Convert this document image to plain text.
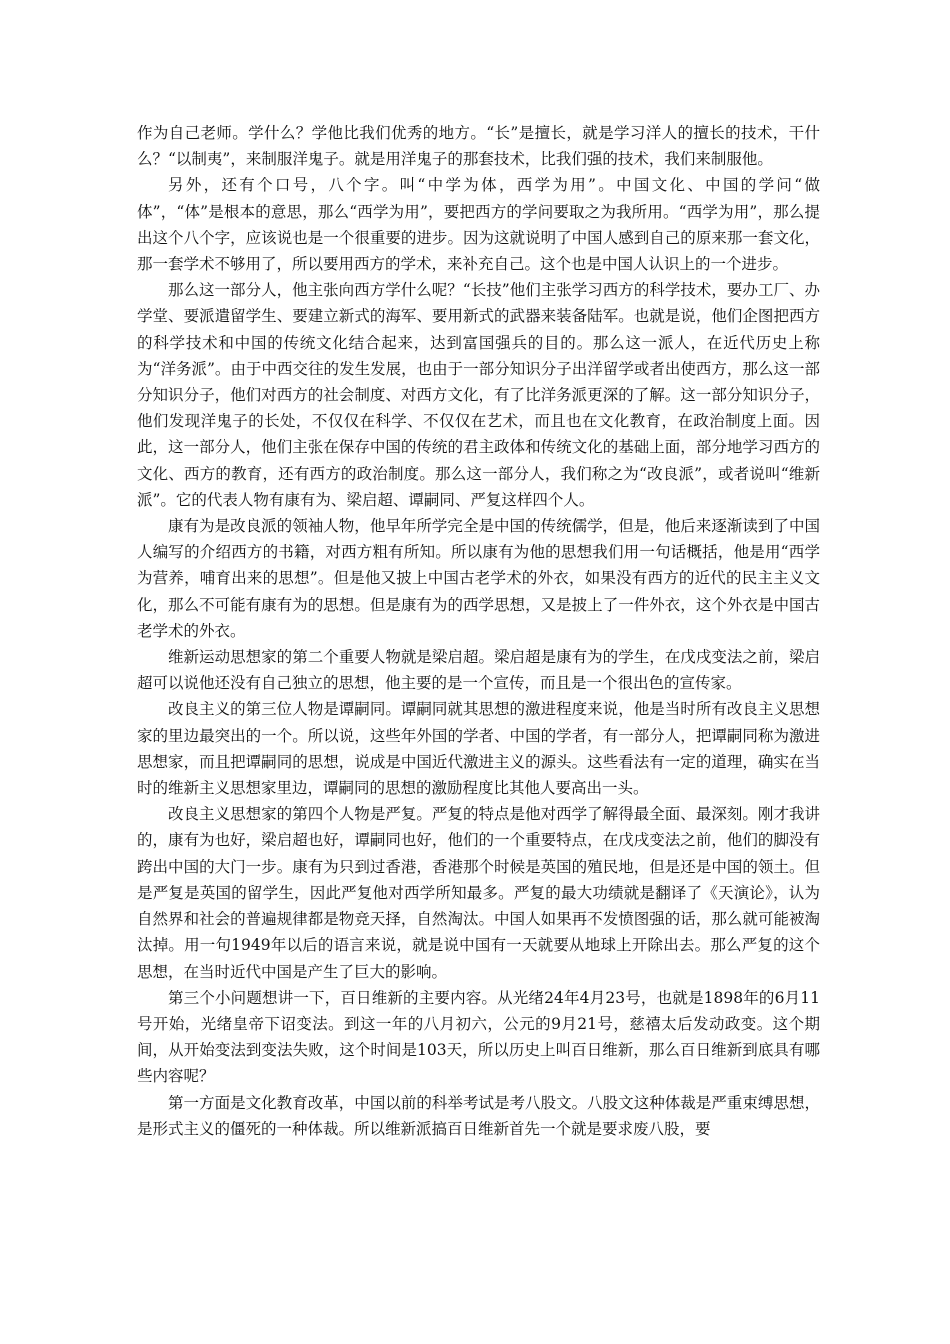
作为自己老师。学什么？学他比我们优秀的地方。“长”是擅长，就是学习洋人的擅长的技术，干什么？“以制夷”，来制服洋鬼子。就是用洋鬼子的那套技术，比我们强的技术，我们来制服他。

另外，还有个口号，八个字。叫“中学为体，西学为用”。中国文化、中国的学问“做体”，“体”是根本的意思，那么“西学为用”，要把西方的学问要取之为我所用。“西学为用”，那么提出这个八个字，应该说也是一个很重要的进步。因为这就说明了中国人感到自己的原来那一套文化，那一套学术不够用了，所以要用西方的学术，来补充自己。这个也是中国人认识上的一个进步。

那么这一部分人，他主张向西方学什么呢？“长技”他们主张学习西方的科学技术，要办工厂、办学堂、要派遣留学生、要建立新式的海军、要用新式的武器来装备陆军。也就是说，他们企图把西方的科学技术和中国的传统文化结合起来，达到富国强兵的目的。那么这一派人，在近代历史上称为“洋务派”。由于中西交往的发生发展，也由于一部分知识分子出洋留学或者出使西方，那么这一部分知识分子，他们对西方的社会制度、对西方文化，有了比洋务派更深的了解。这一部分知识分子，他们发现洋鬼子的长处，不仅仅在科学、不仅仅在艺术，而且也在文化教育，在政治制度上面。因此，这一部分人，他们主张在保存中国的传统的君主政体和传统文化的基础上面，部分地学习西方的文化、西方的教育，还有西方的政治制度。那么这一部分人，我们称之为“改良派”，或者说叫“维新派”。它的代表人物有康有为、梁启超、谭嗣同、严复这样四个人。

康有为是改良派的领袖人物，他早年所学完全是中国的传统儒学，但是，他后来逐渐读到了中国人编写的介绍西方的书籍，对西方粗有所知。所以康有为他的思想我们用一句话概括，他是用“西学为营养，哺育出来的思想”。但是他又披上中国古老学术的外衣，如果没有西方的近代的民主主义文化，那么不可能有康有为的思想。但是康有为的西学思想，又是披上了一件外衣，这个外衣是中国古老学术的外衣。

维新运动思想家的第二个重要人物就是梁启超。梁启超是康有为的学生，在戊戌变法之前，梁启超可以说他还没有自己独立的思想，他主要的是一个宣传，而且是一个很出色的宣传家。

改良主义的第三位人物是谭嗣同。谭嗣同就其思想的激进程度来说，他是当时所有改良主义思想家的里边最突出的一个。所以说，这些年外国的学者、中国的学者，有一部分人，把谭嗣同称为激进思想家，而且把谭嗣同的思想，说成是中国近代激进主义的源头。这些看法有一定的道理，确实在当时的维新主义思想家里边，谭嗣同的思想的激励程度比其他人要高出一头。

改良主义思想家的第四个人物是严复。严复的特点是他对西学了解得最全面、最深刻。刚才我讲的，康有为也好，梁启超也好，谭嗣同也好，他们的一个重要特点，在戊戌变法之前，他们的脚没有跨出中国的大门一步。康有为只到过香港，香港那个时候是英国的殖民地，但是还是中国的领土。但是严复是英国的留学生，因此严复他对西学所知最多。严复的最大功绩就是翻译了《天演论》，认为自然界和社会的普遍规律都是物竞天择，自然淘汰。中国人如果再不发愤图强的话，那么就可能被淘汰掉。用一句1949年以后的语言来说，就是说中国有一天就要从地球上开除出去。那么严复的这个思想，在当时近代中国是产生了巨大的影响。

第三个小问题想讲一下，百日维新的主要内容。从光绪24年4月23号，也就是1898年的6月11号开始，光绪皇帝下诏变法。到这一年的八月初六，公元的9月21号，慈禧太后发动政变。这个期间，从开始变法到变法失败，这个时间是103天，所以历史上叫百日维新，那么百日维新到底具有哪些内容呢？

第一方面是文化教育改革，中国以前的科举考试是考八股文。八股文这种体裁是严重束缚思想，是形式主义的僵死的一种体裁。所以维新派搞百日维新首先一个就是要求废八股，要
